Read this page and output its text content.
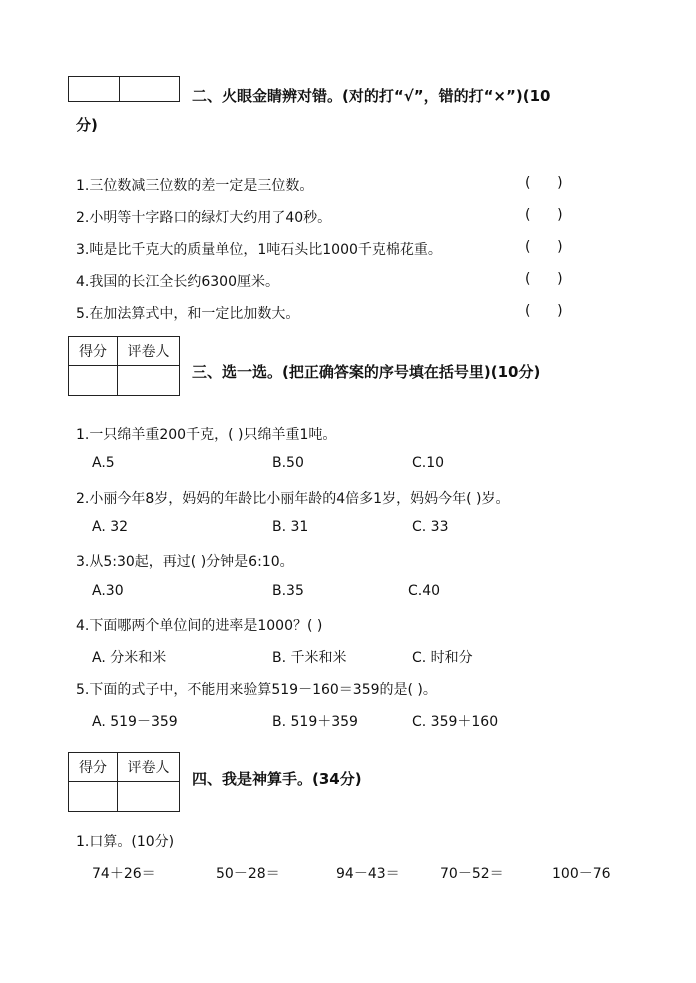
二、火眼金睛辨对错。(对的打“√”，错的打“×”)(10
分)
1.三位数减三位数的差一定是三位数。	(      )
2.小明等十字路口的绿灯大约用了40秒。	(      )
3.吨是比千克大的质量单位，1吨石头比1000千克棉花重。	(      )
4.我国的长江全长约6300厘米。	(      )
5.在加法算式中，和一定比加数大。	(      )
得分	评卷人

三、选一选。(把正确答案的序号填在括号里)(10分)
1.一只绵羊重200千克，( )只绵羊重1吨。
A.5	B.50	C.10
2.小丽今年8岁，妈妈的年龄比小丽年龄的4倍多1岁，妈妈今年( )岁。
A. 32	B. 31	C. 33
3.从5:30起，再过( )分钟是6:10。
A.30	B.35	C.40
4.下面哪两个单位间的进率是1000？( )
A. 分米和米	B. 千米和米	C. 时和分
5.下面的式子中，不能用来验算519－160＝359的是( )。
A. 519－359	B. 519＋359	C. 359＋160
得分	评卷人

四、我是神算手。(34分)
1.口算。(10分)
74＋26＝	50－28＝	94－43＝	70－52＝	100－76
